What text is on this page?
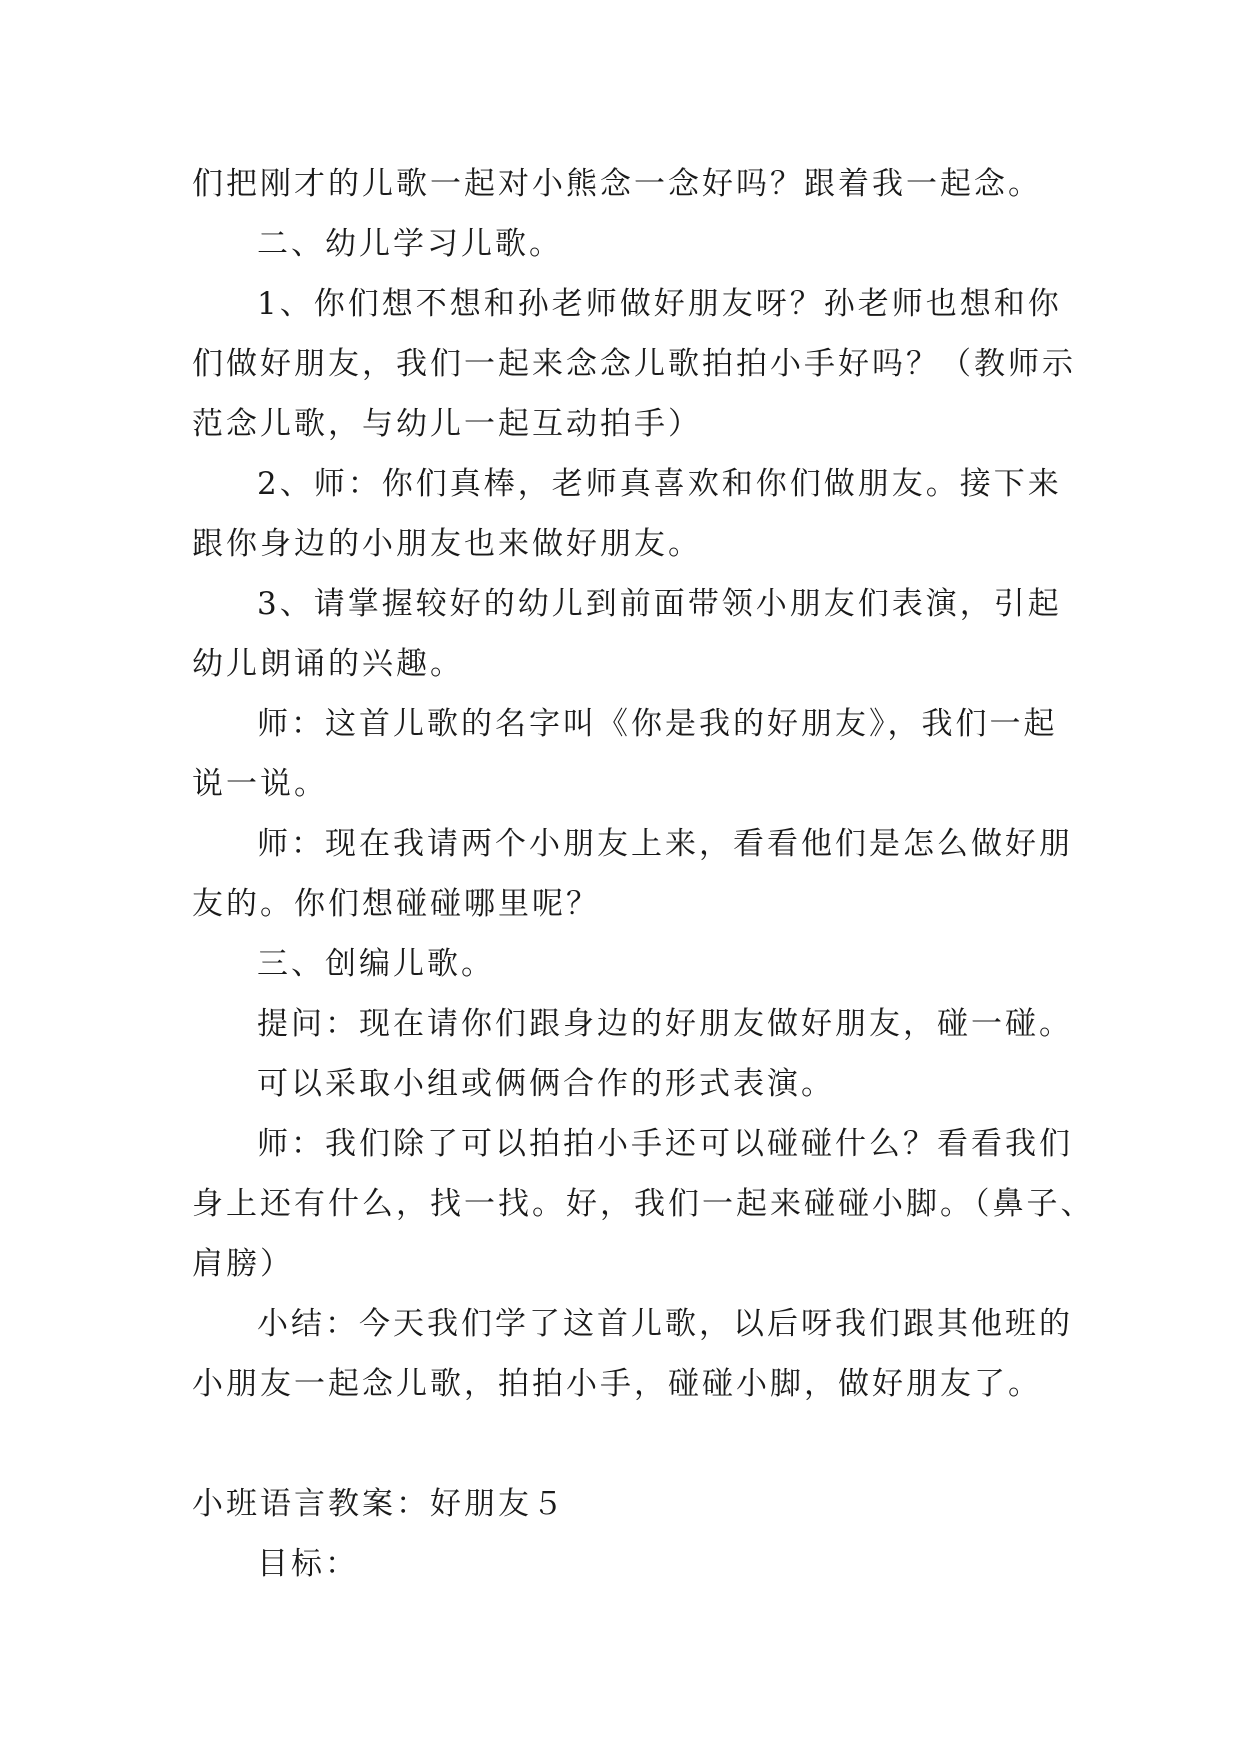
们把刚才的儿歌一起对小熊念一念好吗？跟着我一起念。
二、幼儿学习儿歌。
1、你们想不想和孙老师做好朋友呀？孙老师也想和你
们做好朋友，我们一起来念念儿歌拍拍小手好吗？（教师示
范念儿歌，与幼儿一起互动拍手）
2、师：你们真棒，老师真喜欢和你们做朋友。接下来
跟你身边的小朋友也来做好朋友。
3、请掌握较好的幼儿到前面带领小朋友们表演，引起
幼儿朗诵的兴趣。
师：这首儿歌的名字叫《你是我的好朋友》，我们一起
说一说。
师：现在我请两个小朋友上来，看看他们是怎么做好朋
友的。你们想碰碰哪里呢？
三、创编儿歌。
提问：现在请你们跟身边的好朋友做好朋友，碰一碰。
可以采取小组或俩俩合作的形式表演。
师：我们除了可以拍拍小手还可以碰碰什么？看看我们
身上还有什么，找一找。好，我们一起来碰碰小脚。（鼻子、
肩膀）
小结：今天我们学了这首儿歌，以后呀我们跟其他班的
小朋友一起念儿歌，拍拍小手，碰碰小脚，做好朋友了。
小班语言教案：好朋友５
目标：
